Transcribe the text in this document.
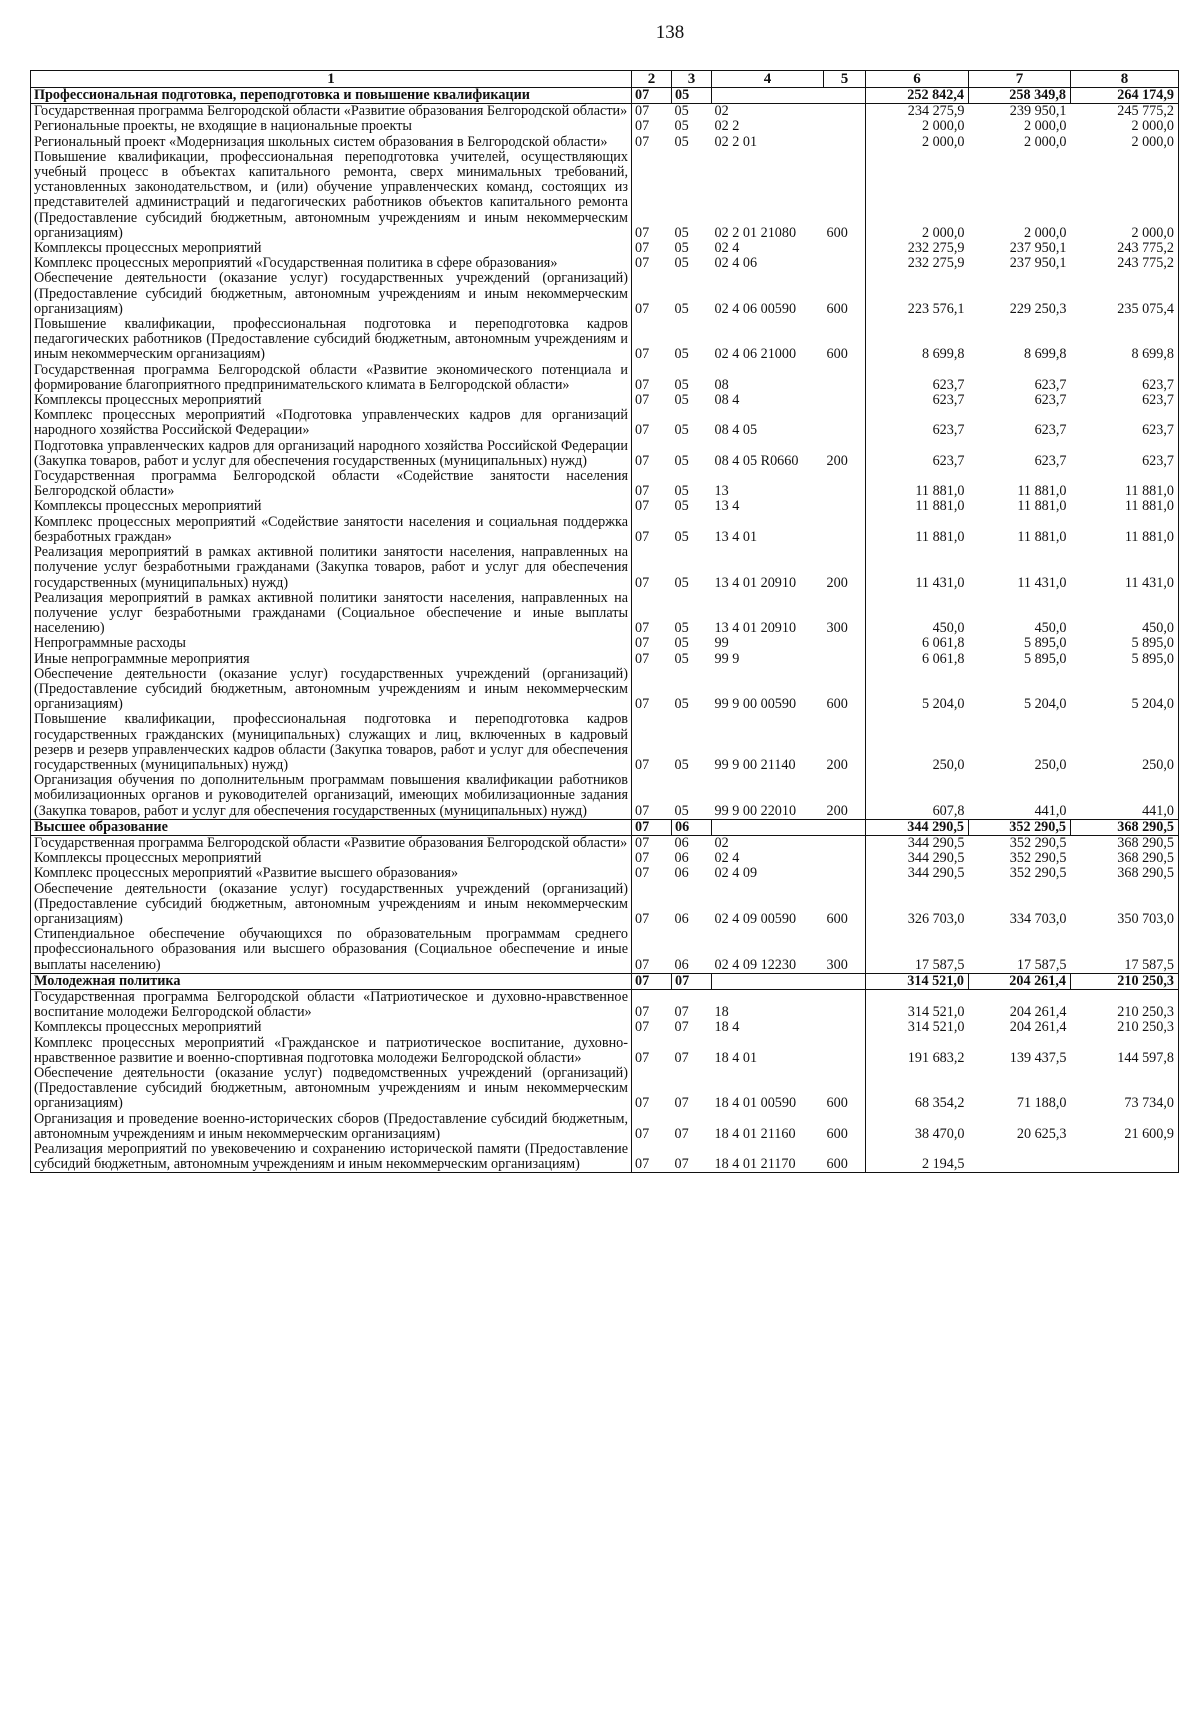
138
1	2	3	4	5	6	7	8
Профессиональная подготовка, переподготовка и повышение квалификации	07	05			252 842,4	258 349,8	264 174,9
Государственная программа Белгородской области «Развитие образования Белгородской области»	07	05	02		234 275,9	239 950,1	245 775,2
Региональные проекты, не входящие в национальные проекты	07	05	02 2		2 000,0	2 000,0	2 000,0
Региональный проект «Модернизация школьных систем образования в Белгородской области»	07	05	02 2 01		2 000,0	2 000,0	2 000,0
Повышение квалификации, профессиональная переподготовка учителей, осуществляющих учебный процесс в объектах капитального ремонта, сверх минимальных требований, установленных законодательством, и (или) обучение управленческих команд, состоящих из представителей администраций и педагогических работников объектов капитального ремонта (Предоставление субсидий бюджетным, автономным учреждениям и иным некоммерческим организациям)	07	05	02 2 01 21080	600	2 000,0	2 000,0	2 000,0
Комплексы процессных мероприятий	07	05	02 4		232 275,9	237 950,1	243 775,2
Комплекс процессных мероприятий «Государственная политика в сфере образования»	07	05	02 4 06		232 275,9	237 950,1	243 775,2
Обеспечение деятельности (оказание услуг) государственных учреждений (организаций) (Предоставление субсидий бюджетным, автономным учреждениям и иным некоммерческим организациям)	07	05	02 4 06 00590	600	223 576,1	229 250,3	235 075,4
Повышение квалификации, профессиональная подготовка и переподготовка кадров педагогических работников (Предоставление субсидий бюджетным, автономным учреждениям и иным некоммерческим организациям)	07	05	02 4 06 21000	600	8 699,8	8 699,8	8 699,8
Государственная программа Белгородской области «Развитие экономического потенциала и формирование благоприятного предпринимательского климата в Белгородской области»	07	05	08		623,7	623,7	623,7
Комплексы процессных мероприятий	07	05	08 4		623,7	623,7	623,7
Комплекс процессных мероприятий «Подготовка управленческих кадров для организаций народного хозяйства Российской Федерации»	07	05	08 4 05		623,7	623,7	623,7
Подготовка управленческих кадров для организаций народного хозяйства Российской Федерации (Закупка товаров, работ и услуг для обеспечения государственных (муниципальных) нужд)	07	05	08 4 05 R0660	200	623,7	623,7	623,7
Государственная программа Белгородской области «Содействие занятости населения Белгородской области»	07	05	13		11 881,0	11 881,0	11 881,0
Комплексы процессных мероприятий	07	05	13 4		11 881,0	11 881,0	11 881,0
Комплекс процессных мероприятий «Содействие занятости населения и социальная поддержка безработных граждан»	07	05	13 4 01		11 881,0	11 881,0	11 881,0
Реализация мероприятий в рамках активной политики занятости населения, направленных на получение услуг безработными гражданами (Закупка товаров, работ и услуг для обеспечения государственных (муниципальных) нужд)	07	05	13 4 01 20910	200	11 431,0	11 431,0	11 431,0
Реализация мероприятий в рамках активной политики занятости населения, направленных на получение услуг безработными гражданами (Социальное обеспечение и иные выплаты населению)	07	05	13 4 01 20910	300	450,0	450,0	450,0
Непрограммные расходы	07	05	99		6 061,8	5 895,0	5 895,0
Иные непрограммные мероприятия	07	05	99 9		6 061,8	5 895,0	5 895,0
Обеспечение деятельности (оказание услуг) государственных учреждений (организаций) (Предоставление субсидий бюджетным, автономным учреждениям и иным некоммерческим организациям)	07	05	99 9 00 00590	600	5 204,0	5 204,0	5 204,0
Повышение квалификации, профессиональная подготовка и переподготовка кадров государственных гражданских (муниципальных) служащих и лиц, включенных в кадровый резерв и резерв управленческих кадров области (Закупка товаров, работ и услуг для обеспечения государственных (муниципальных) нужд)	07	05	99 9 00 21140	200	250,0	250,0	250,0
Организация обучения по дополнительным программам повышения квалификации работников мобилизационных органов и руководителей организаций, имеющих мобилизационные задания (Закупка товаров, работ и услуг для обеспечения государственных (муниципальных) нужд)	07	05	99 9 00 22010	200	607,8	441,0	441,0
Высшее образование	07	06			344 290,5	352 290,5	368 290,5
Государственная программа Белгородской области «Развитие образования Белгородской области»	07	06	02		344 290,5	352 290,5	368 290,5
Комплексы процессных мероприятий	07	06	02 4		344 290,5	352 290,5	368 290,5
Комплекс процессных мероприятий «Развитие высшего образования»	07	06	02 4 09		344 290,5	352 290,5	368 290,5
Обеспечение деятельности (оказание услуг) государственных учреждений (организаций) (Предоставление субсидий бюджетным, автономным учреждениям и иным некоммерческим организациям)	07	06	02 4 09 00590	600	326 703,0	334 703,0	350 703,0
Стипендиальное обеспечение обучающихся по образовательным программам среднего профессионального образования или высшего образования (Социальное обеспечение и иные выплаты населению)	07	06	02 4 09 12230	300	17 587,5	17 587,5	17 587,5
Молодежная политика	07	07			314 521,0	204 261,4	210 250,3
Государственная программа Белгородской области «Патриотическое и духовно-нравственное воспитание молодежи Белгородской области»	07	07	18		314 521,0	204 261,4	210 250,3
Комплексы процессных мероприятий	07	07	18 4		314 521,0	204 261,4	210 250,3
Комплекс процессных мероприятий «Гражданское и патриотическое воспитание, духовно-нравственное развитие и военно-спортивная подготовка молодежи Белгородской области»	07	07	18 4 01		191 683,2	139 437,5	144 597,8
Обеспечение деятельности (оказание услуг) подведомственных учреждений (организаций) (Предоставление субсидий бюджетным, автономным учреждениям и иным некоммерческим организациям)	07	07	18 4 01 00590	600	68 354,2	71 188,0	73 734,0
Организация и проведение военно-исторических сборов (Предоставление субсидий бюджетным, автономным учреждениям и иным некоммерческим организациям)	07	07	18 4 01 21160	600	38 470,0	20 625,3	21 600,9
Реализация мероприятий по увековечению и сохранению исторической памяти (Предоставление субсидий бюджетным, автономным учреждениям и иным некоммерческим организациям)	07	07	18 4 01 21170	600	2 194,5		
